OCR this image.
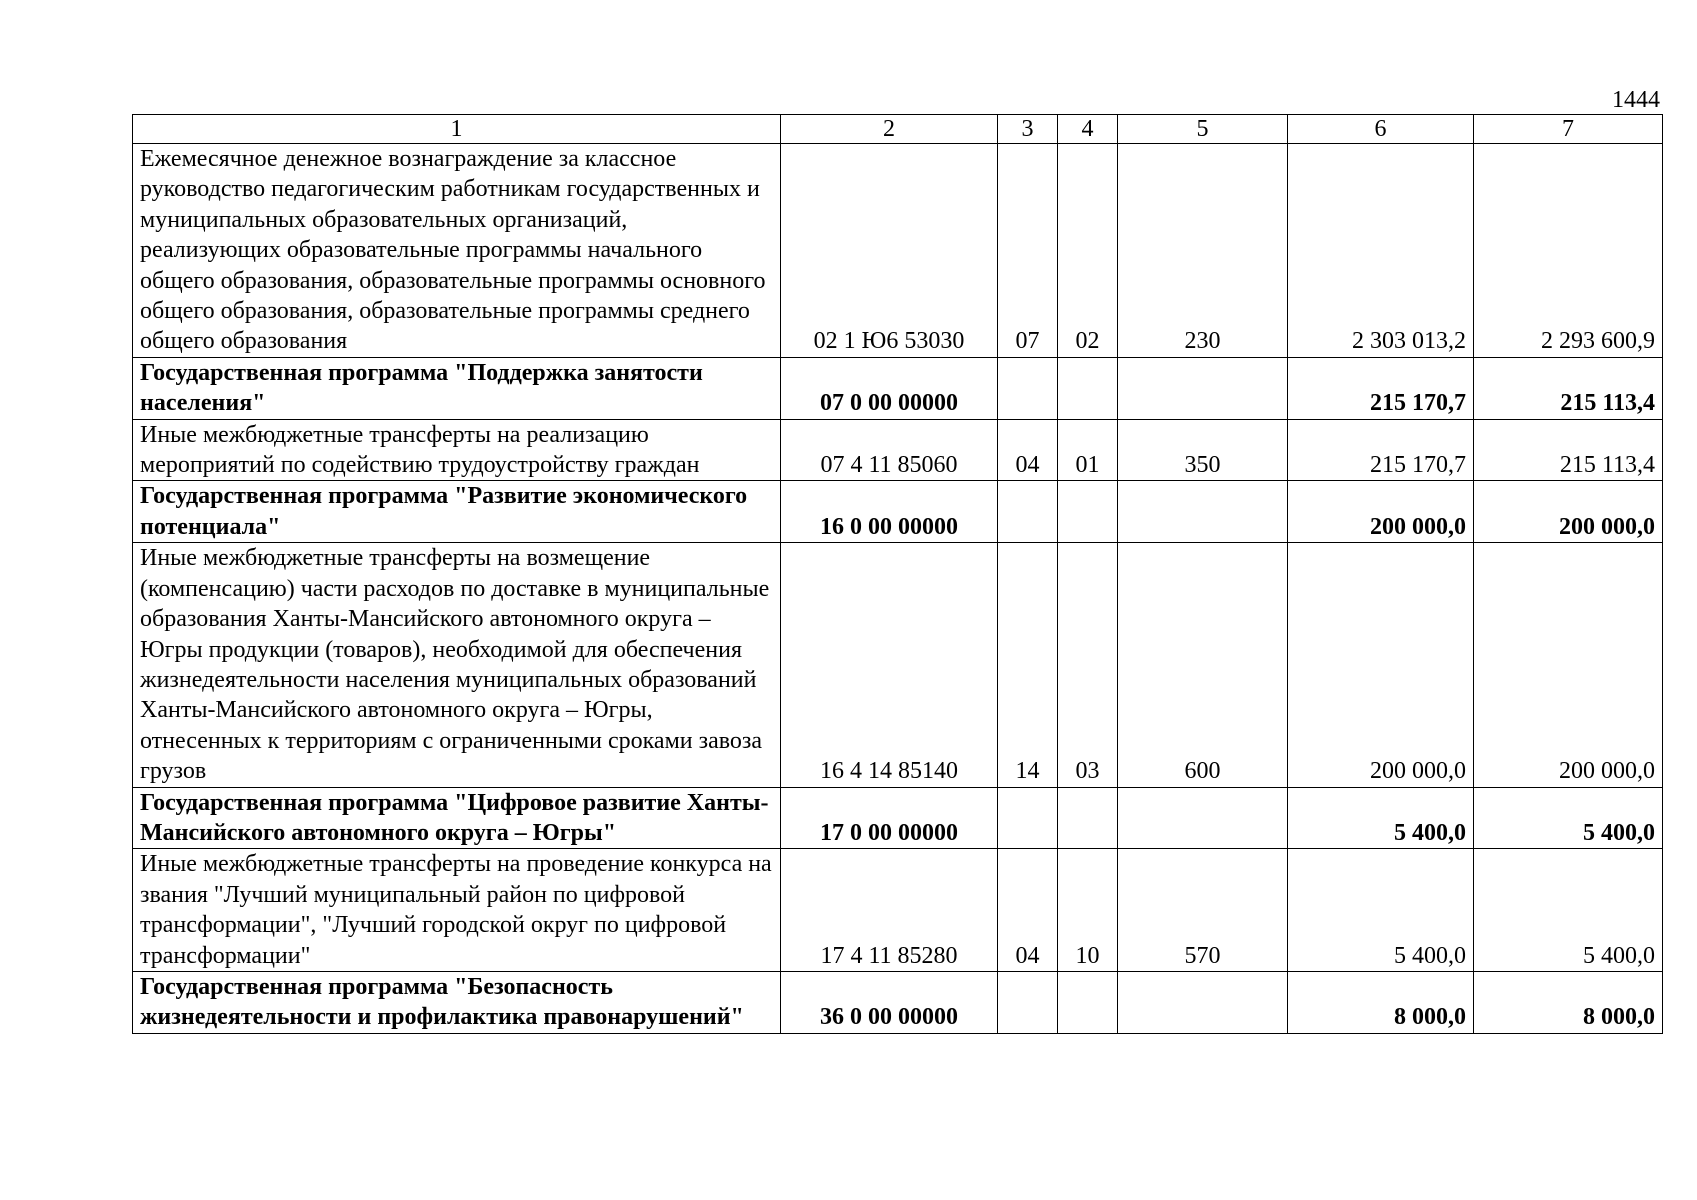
1444
1	2	3	4	5	6	7
Ежемесячное денежное вознаграждение за классное руководство педагогическим работникам государственных и муниципальных образовательных организаций, реализующих образовательные программы начального общего образования, образовательные программы основного общего образования, образовательные программы среднего общего образования	02 1 Ю6 53030	07	02	230	2 303 013,2	2 293 600,9
Государственная программа "Поддержка занятости населения"	07 0 00 00000				215 170,7	215 113,4
Иные межбюджетные трансферты на реализацию мероприятий по содействию трудоустройству граждан	07 4 11 85060	04	01	350	215 170,7	215 113,4
Государственная программа "Развитие экономического потенциала"	16 0 00 00000				200 000,0	200 000,0
Иные межбюджетные трансферты на возмещение (компенсацию) части расходов по доставке в муниципальные образования Ханты-Мансийского автономного округа – Югры продукции (товаров), необходимой для обеспечения жизнедеятельности населения муниципальных образований Ханты-Мансийского автономного округа – Югры, отнесенных к территориям с ограниченными сроками завоза грузов	16 4 14 85140	14	03	600	200 000,0	200 000,0
Государственная программа "Цифровое развитие Ханты-Мансийского автономного округа – Югры"	17 0 00 00000				5 400,0	5 400,0
Иные межбюджетные трансферты на проведение конкурса на звания "Лучший муниципальный район по цифровой трансформации", "Лучший городской округ по цифровой трансформации"	17 4 11 85280	04	10	570	5 400,0	5 400,0
Государственная программа "Безопасность жизнедеятельности и профилактика правонарушений"	36 0 00 00000				8 000,0	8 000,0
